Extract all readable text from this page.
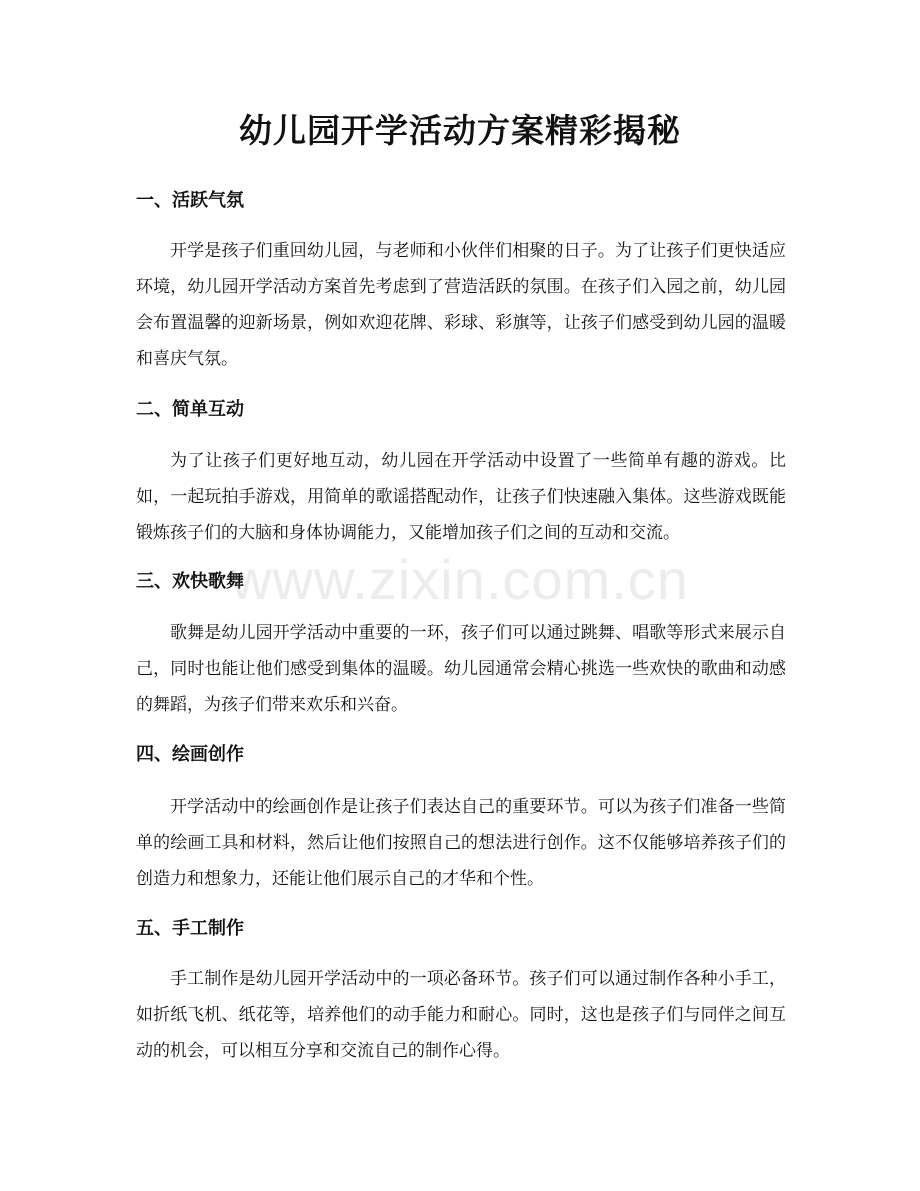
幼儿园开学活动方案精彩揭秘
一、活跃气氛

开学是孩子们重回幼儿园，与老师和小伙伴们相聚的日子。为了让孩子们更快适应环境，幼儿园开学活动方案首先考虑到了营造活跃的氛围。在孩子们入园之前，幼儿园会布置温馨的迎新场景，例如欢迎花牌、彩球、彩旗等，让孩子们感受到幼儿园的温暖和喜庆气氛。

二、简单互动

为了让孩子们更好地互动，幼儿园在开学活动中设置了一些简单有趣的游戏。比如，一起玩拍手游戏，用简单的歌谣搭配动作，让孩子们快速融入集体。这些游戏既能锻炼孩子们的大脑和身体协调能力，又能增加孩子们之间的互动和交流。

三、欢快歌舞

歌舞是幼儿园开学活动中重要的一环，孩子们可以通过跳舞、唱歌等形式来展示自己，同时也能让他们感受到集体的温暖。幼儿园通常会精心挑选一些欢快的歌曲和动感的舞蹈，为孩子们带来欢乐和兴奋。

四、绘画创作

开学活动中的绘画创作是让孩子们表达自己的重要环节。可以为孩子们准备一些简单的绘画工具和材料，然后让他们按照自己的想法进行创作。这不仅能够培养孩子们的创造力和想象力，还能让他们展示自己的才华和个性。

五、手工制作

手工制作是幼儿园开学活动中的一项必备环节。孩子们可以通过制作各种小手工，如折纸飞机、纸花等，培养他们的动手能力和耐心。同时，这也是孩子们与同伴之间互动的机会，可以相互分享和交流自己的制作心得。

www.zixin.com.cn
